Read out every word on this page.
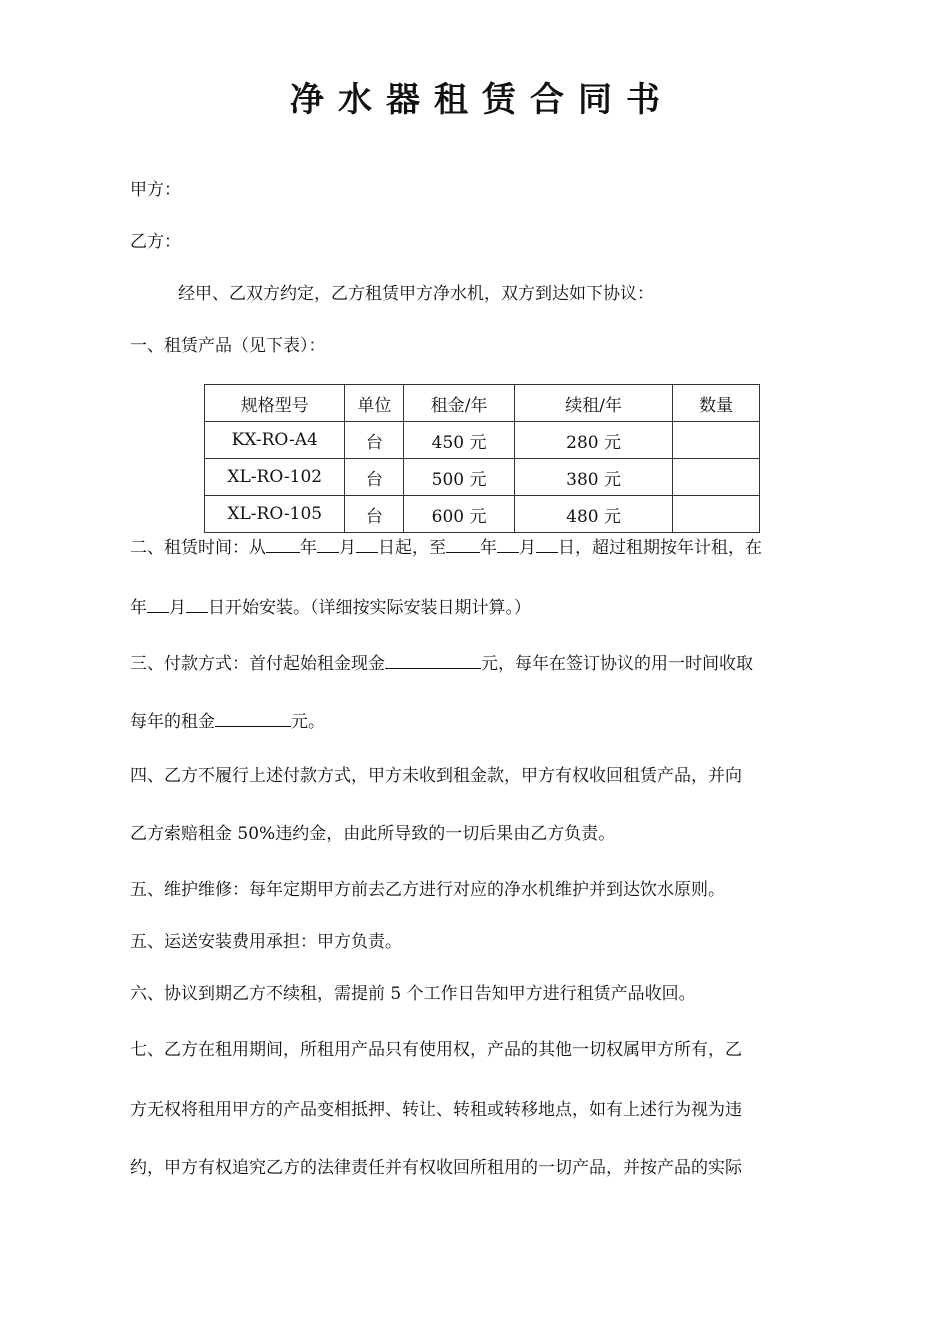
净水器租赁合同书
甲方：
乙方：
经甲、乙双方约定，乙方租赁甲方净水机，双方到达如下协议：
一、租赁产品（见下表）：
规格型号	单位	租金/年	续租/年	数量
KX-RO-A4	台	450 元	280 元	
XL-RO-102	台	500 元	380 元	
XL-RO-105	台	600 元	480 元	
二、租赁时间：从 年 月 日起，至 年 月 日，超过租期按年计租，在
年 月 日开始安装。（详细按实际安装日期计算。）
三、付款方式：首付起始租金现金	元，每年在签订协议的用一时间收取
每年的租金	元。
四、乙方不履行上述付款方式，甲方未收到租金款，甲方有权收回租赁产品，并向
乙方索赔租金 50%违约金，由此所导致的一切后果由乙方负责。
五、维护维修：每年定期甲方前去乙方进行对应的净水机维护并到达饮水原则。
五、运送安装费用承担：甲方负责。
六、协议到期乙方不续租，需提前 5 个工作日告知甲方进行租赁产品收回。
七、乙方在租用期间，所租用产品只有使用权，产品的其他一切权属甲方所有，乙
方无权将租用甲方的产品变相抵押、转让、转租或转移地点，如有上述行为视为违
约，甲方有权追究乙方的法律责任并有权收回所租用的一切产品，并按产品的实际
